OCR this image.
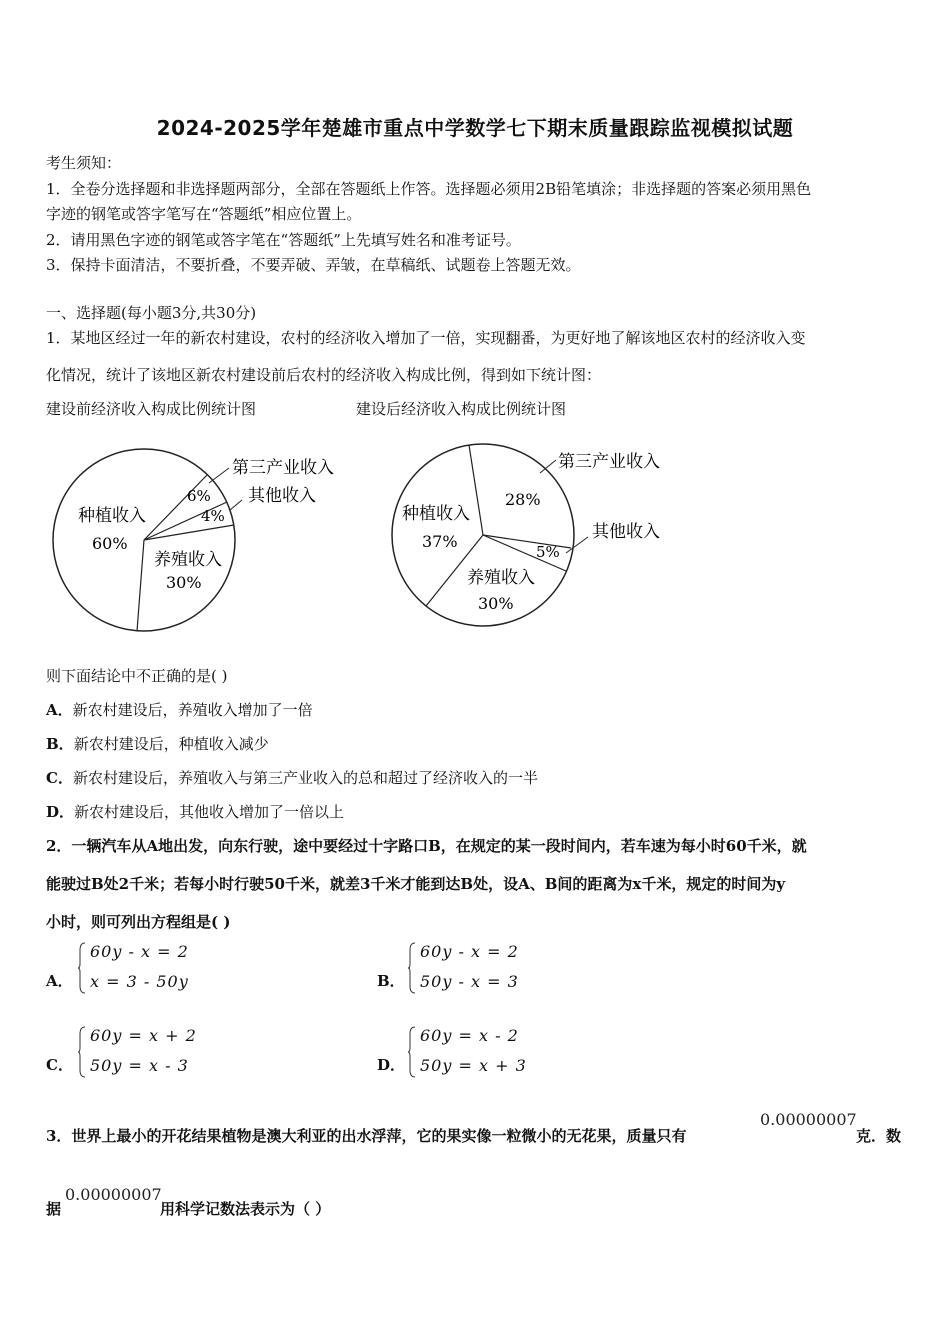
2024-2025学年楚雄市重点中学数学七下期末质量跟踪监视模拟试题
考生须知：
1．全卷分选择题和非选择题两部分，全部在答题纸上作答。选择题必须用2B铅笔填涂；非选择题的答案必须用黑色
字迹的钢笔或答字笔写在“答题纸”相应位置上。
2．请用黑色字迹的钢笔或答字笔在“答题纸”上先填写姓名和准考证号。
3．保持卡面清洁，不要折叠，不要弄破、弄皱，在草稿纸、试题卷上答题无效。
一、选择题(每小题3分,共30分)
1．某地区经过一年的新农村建设，农村的经济收入增加了一倍，实现翻番，为更好地了解该地区农村的经济收入变
化情况，统计了该地区新农村建设前后农村的经济收入构成比例，得到如下统计图：
建设前经济收入构成比例统计图	建设后经济收入构成比例统计图
种植收入
60%
养殖收入
30%
4%
6%
第三产业收入
其他收入
种植收入
37%
养殖收入
30%
5%
28%
第三产业收入
其他收入
则下面结论中不正确的是( )
A．新农村建设后，养殖收入增加了一倍
B．新农村建设后，种植收入减少
C．新农村建设后，养殖收入与第三产业收入的总和超过了经济收入的一半
D．新农村建设后，其他收入增加了一倍以上
2．一辆汽车从A地出发，向东行驶，途中要经过十字路口B，在规定的某一段时间内，若车速为每小时60千米，就
能驶过B处2千米；若每小时行驶50千米，就差3千米才能到达B处，设A、B间的距离为x千米，规定的时间为y
小时，则可列出方程组是( )
A．
60y - x = 2
x = 3 - 50y	B．
60y - x = 2
50y - x = 3
C．
60y = x + 2
50y = x - 3	D．
60y = x - 2
50y = x + 3
3．世界上最小的开花结果植物是澳大利亚的出水浮萍，它的果实像一粒微小的无花果，质量只有
0.00000007
克．数
据
0.00000007
用科学记数法表示为（ ）
